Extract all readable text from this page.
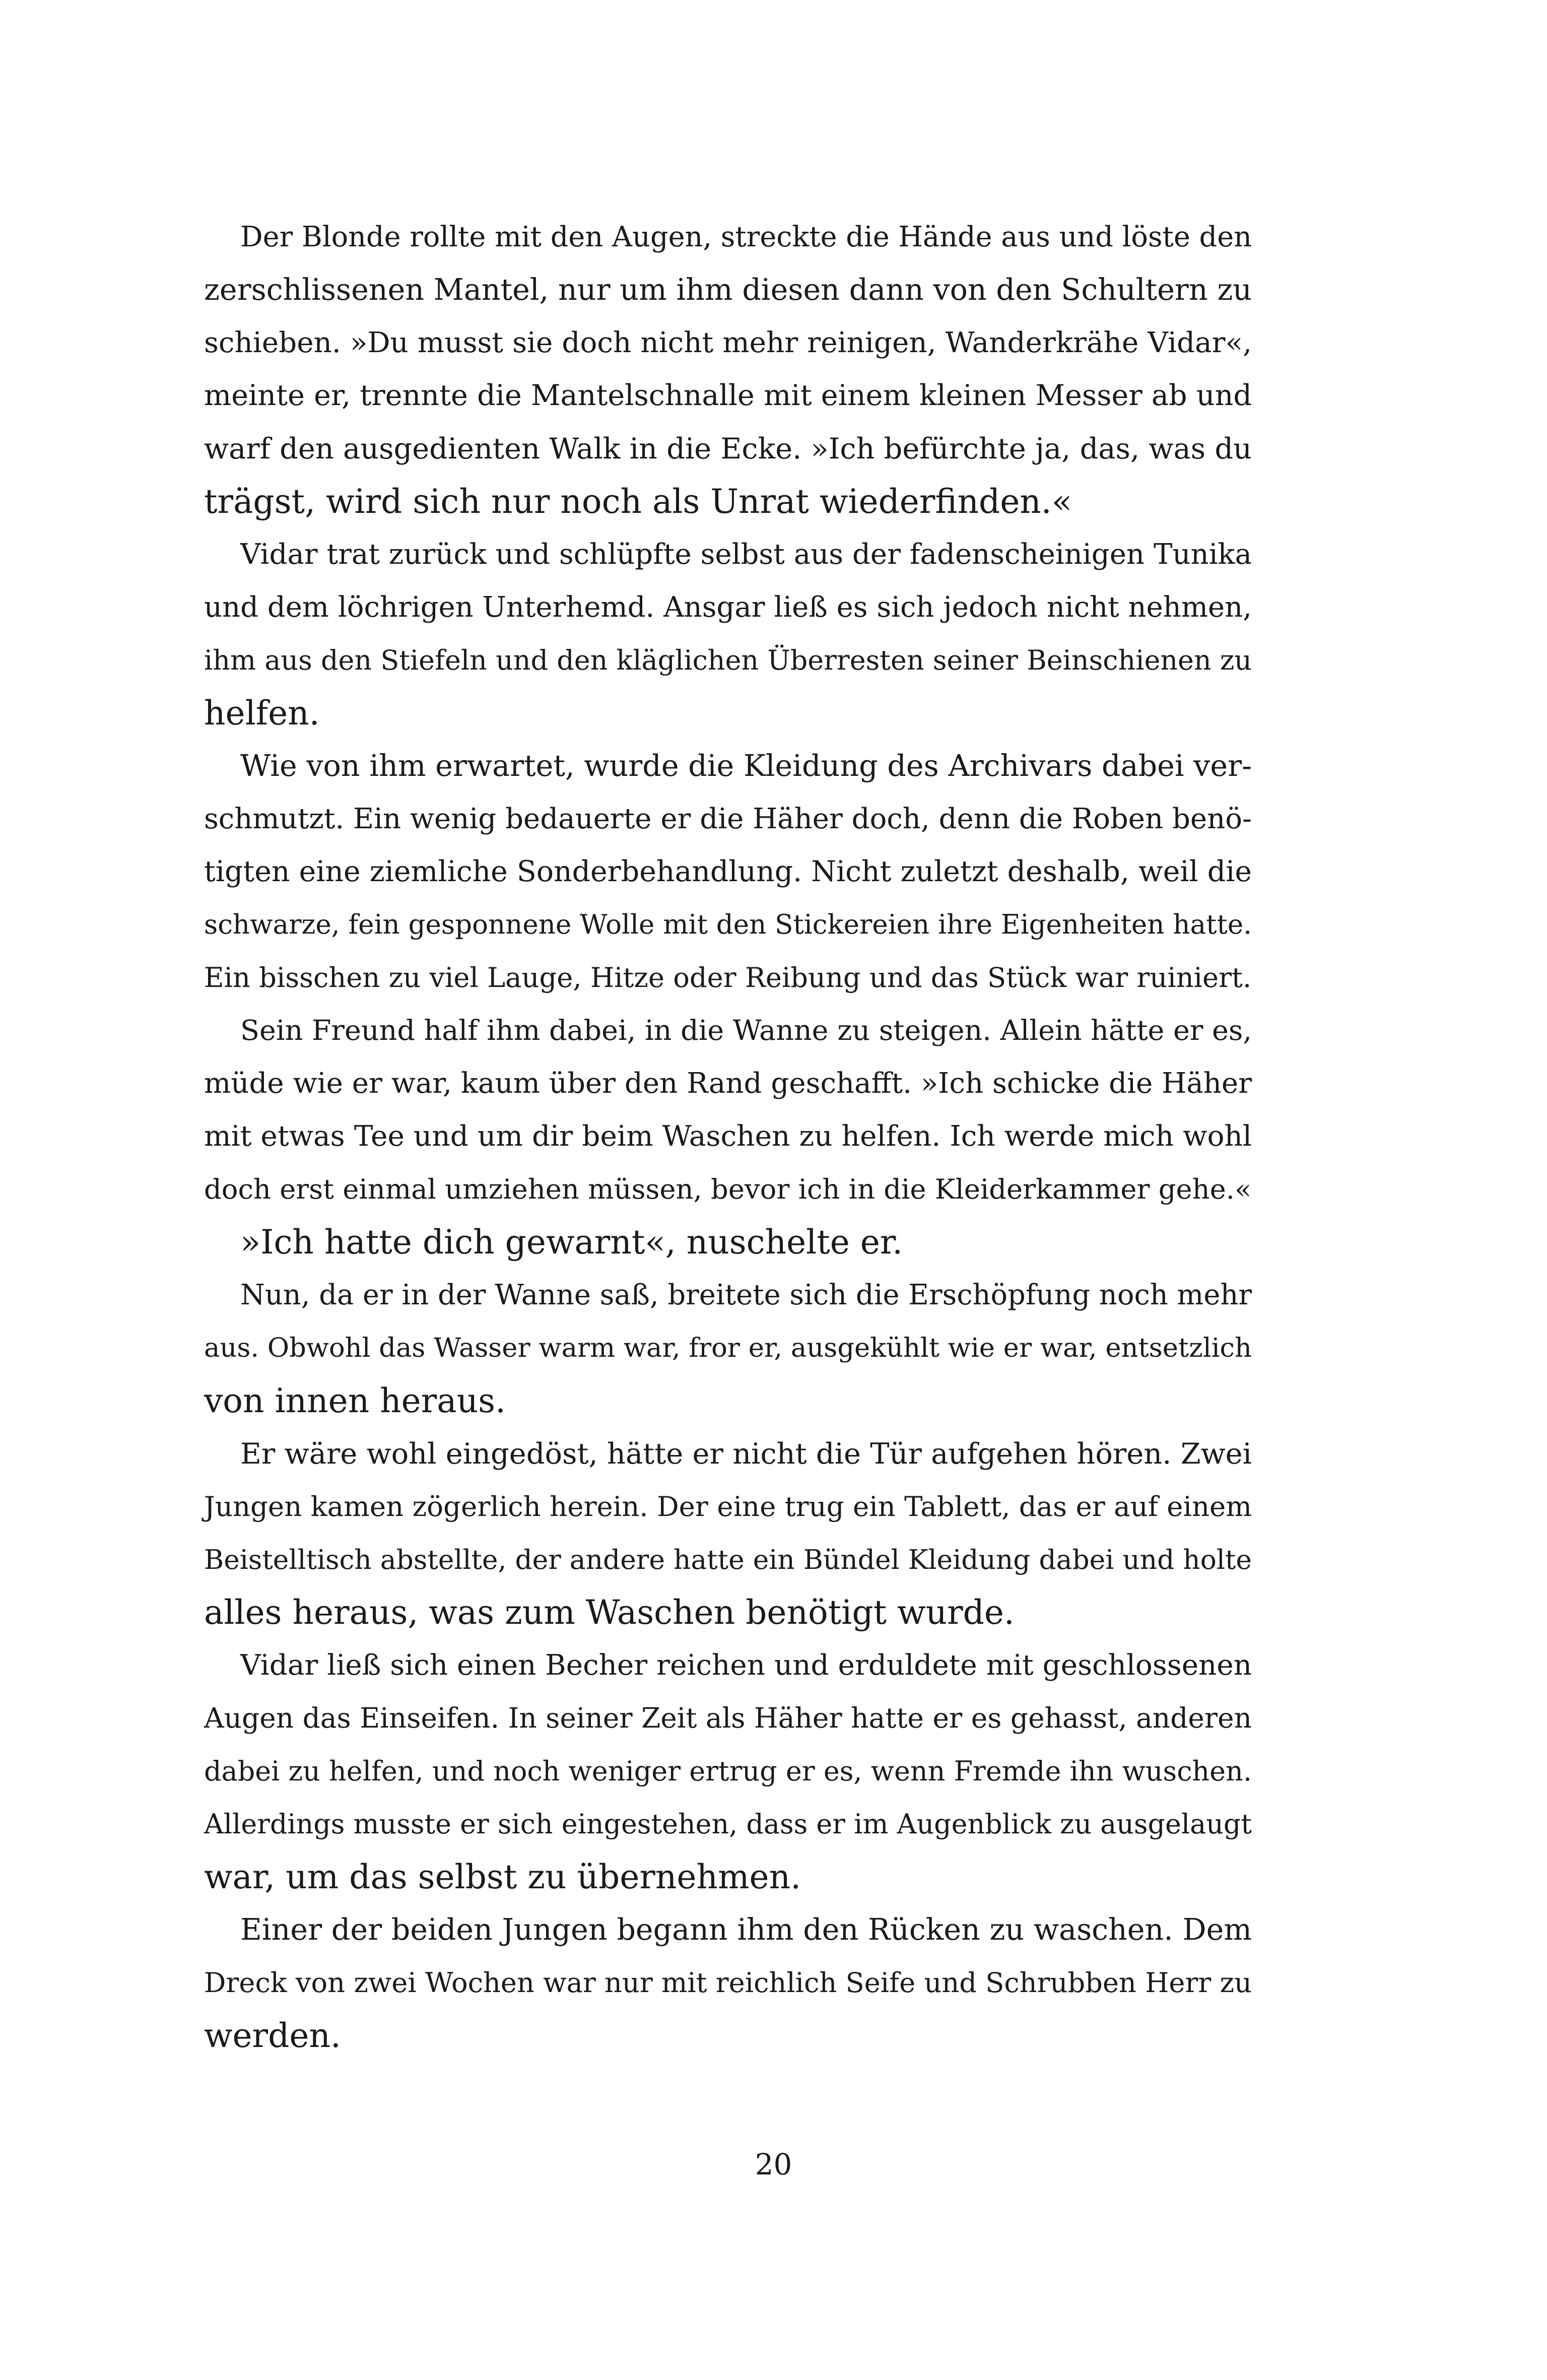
Der Blonde rollte mit den Augen, streckte die Hände aus und löste den
zerschlissenen Mantel, nur um ihm diesen dann von den Schultern zu
schieben. »Du musst sie doch nicht mehr reinigen, Wanderkrähe Vidar«,
meinte er, trennte die Mantelschnalle mit einem kleinen Messer ab und
warf den ausgedienten Walk in die Ecke. »Ich befürchte ja, das, was du
trägst, wird sich nur noch als Unrat wiederfinden.«
Vidar trat zurück und schlüpfte selbst aus der fadenscheinigen Tunika
und dem löchrigen Unterhemd. Ansgar ließ es sich jedoch nicht nehmen,
ihm aus den Stiefeln und den kläglichen Überresten seiner Beinschienen zu
helfen.
Wie von ihm erwartet, wurde die Kleidung des Archivars dabei ver-
schmutzt. Ein wenig bedauerte er die Häher doch, denn die Roben benö-
tigten eine ziemliche Sonderbehandlung. Nicht zuletzt deshalb, weil die
schwarze, fein gesponnene Wolle mit den Stickereien ihre Eigenheiten hatte.
Ein bisschen zu viel Lauge, Hitze oder Reibung und das Stück war ruiniert.
Sein Freund half ihm dabei, in die Wanne zu steigen. Allein hätte er es,
müde wie er war, kaum über den Rand geschafft. »Ich schicke die Häher
mit etwas Tee und um dir beim Waschen zu helfen. Ich werde mich wohl
doch erst einmal umziehen müssen, bevor ich in die Kleiderkammer gehe.«
»Ich hatte dich gewarnt«, nuschelte er.
Nun, da er in der Wanne saß, breitete sich die Erschöpfung noch mehr
aus. Obwohl das Wasser warm war, fror er, ausgekühlt wie er war, entsetzlich
von innen heraus.
Er wäre wohl eingedöst, hätte er nicht die Tür aufgehen hören. Zwei
Jungen kamen zögerlich herein. Der eine trug ein Tablett, das er auf einem
Beistelltisch abstellte, der andere hatte ein Bündel Kleidung dabei und holte
alles heraus, was zum Waschen benötigt wurde.
Vidar ließ sich einen Becher reichen und erduldete mit geschlossenen
Augen das Einseifen. In seiner Zeit als Häher hatte er es gehasst, anderen
dabei zu helfen, und noch weniger ertrug er es, wenn Fremde ihn wuschen.
Allerdings musste er sich eingestehen, dass er im Augenblick zu ausgelaugt
war, um das selbst zu übernehmen.
Einer der beiden Jungen begann ihm den Rücken zu waschen. Dem
Dreck von zwei Wochen war nur mit reichlich Seife und Schrubben Herr zu
werden.
20
